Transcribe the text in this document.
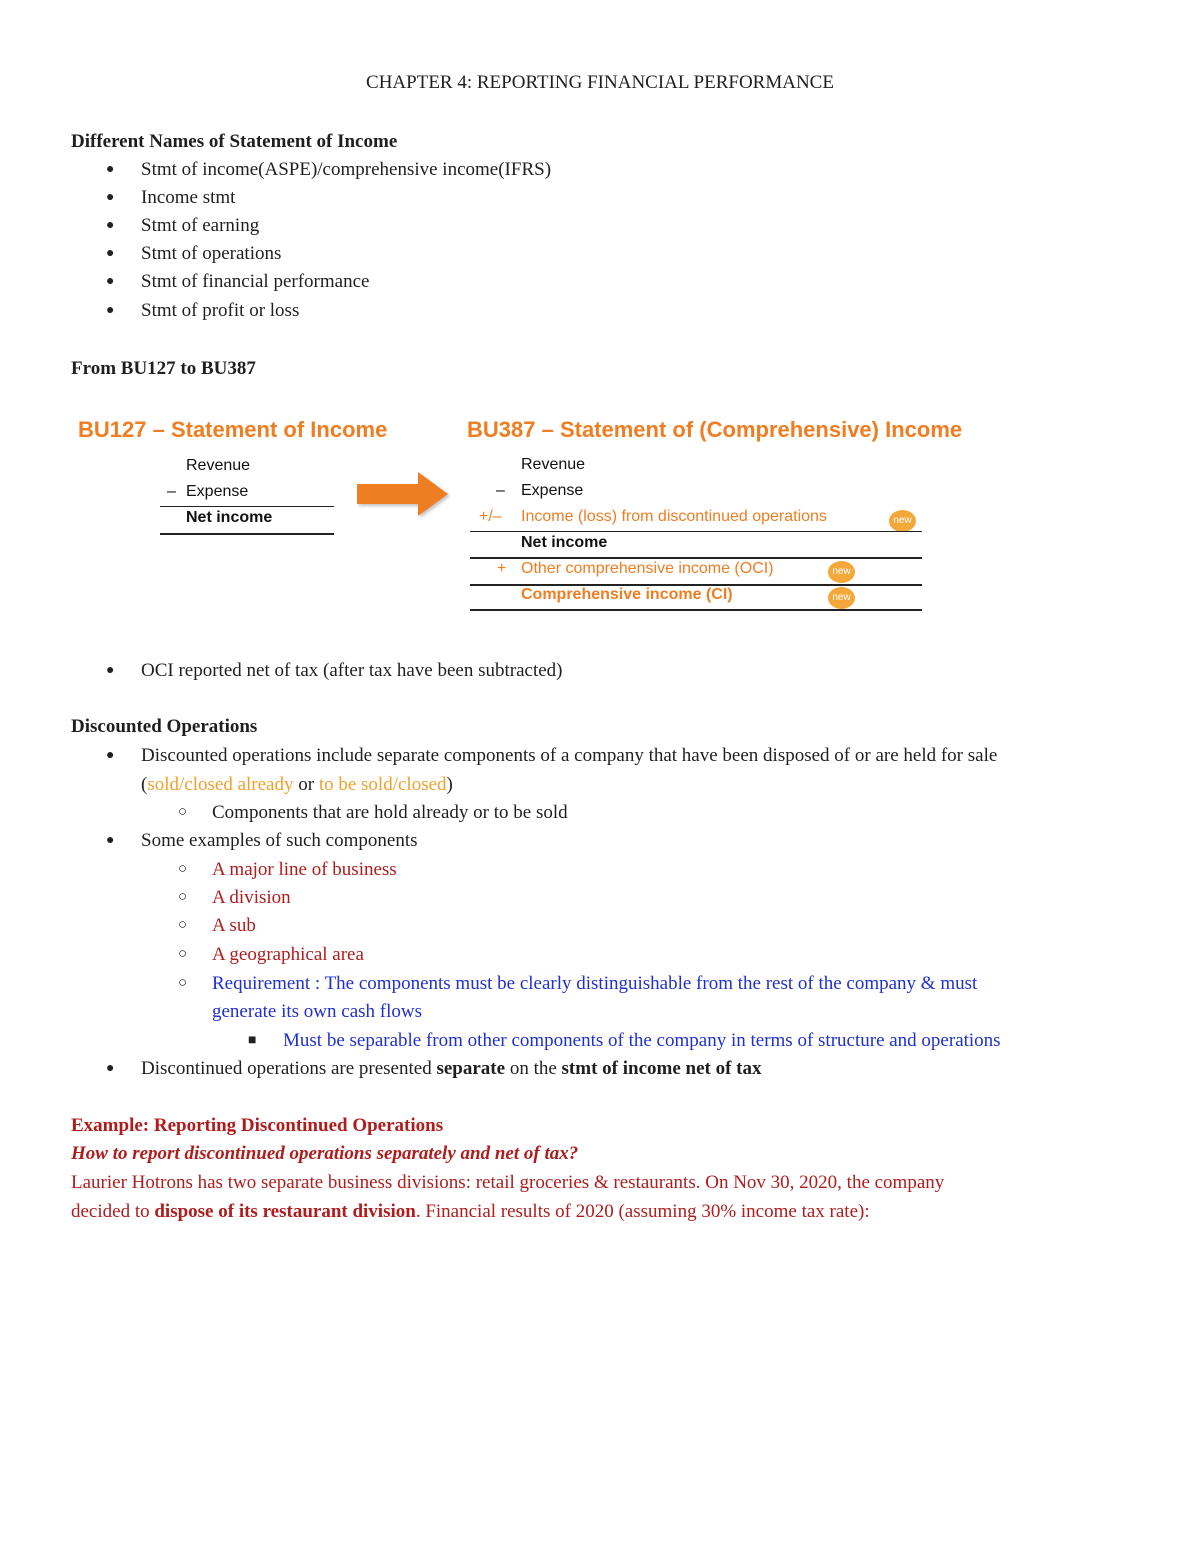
CHAPTER 4: REPORTING FINANCIAL PERFORMANCE
Different Names of Statement of Income
● Stmt of income(ASPE)/comprehensive income(IFRS)
● Income stmt
● Stmt of earning
● Stmt of operations
● Stmt of financial performance
● Stmt of profit or loss
From BU127 to BU387
BU127 – Statement of Income
Revenue
– Expense
Net income
BU387 – Statement of (Comprehensive) Income
Revenue
– Expense
+/– Income (loss) from discontinued operations	new
Net income
+ Other comprehensive income (OCI)	new
Comprehensive income (CI)	new
● OCI reported net of tax (after tax have been subtracted)
Discounted Operations
● Discounted operations include separate components of a company that have been disposed of or are held for sale
(sold/closed already or to be sold/closed)
○ Components that are hold already or to be sold
● Some examples of such components
○ A major line of business
○ A division
○ A sub
○ A geographical area
○ Requirement : The components must be clearly distinguishable from the rest of the company & must
generate its own cash flows
■ Must be separable from other components of the company in terms of structure and operations
● Discontinued operations are presented separate on the stmt of income net of tax
Example: Reporting Discontinued Operations
How to report discontinued operations separately and net of tax?
Laurier Hotrons has two separate business divisions: retail groceries & restaurants. On Nov 30, 2020, the company
decided to dispose of its restaurant division. Financial results of 2020 (assuming 30% income tax rate):
